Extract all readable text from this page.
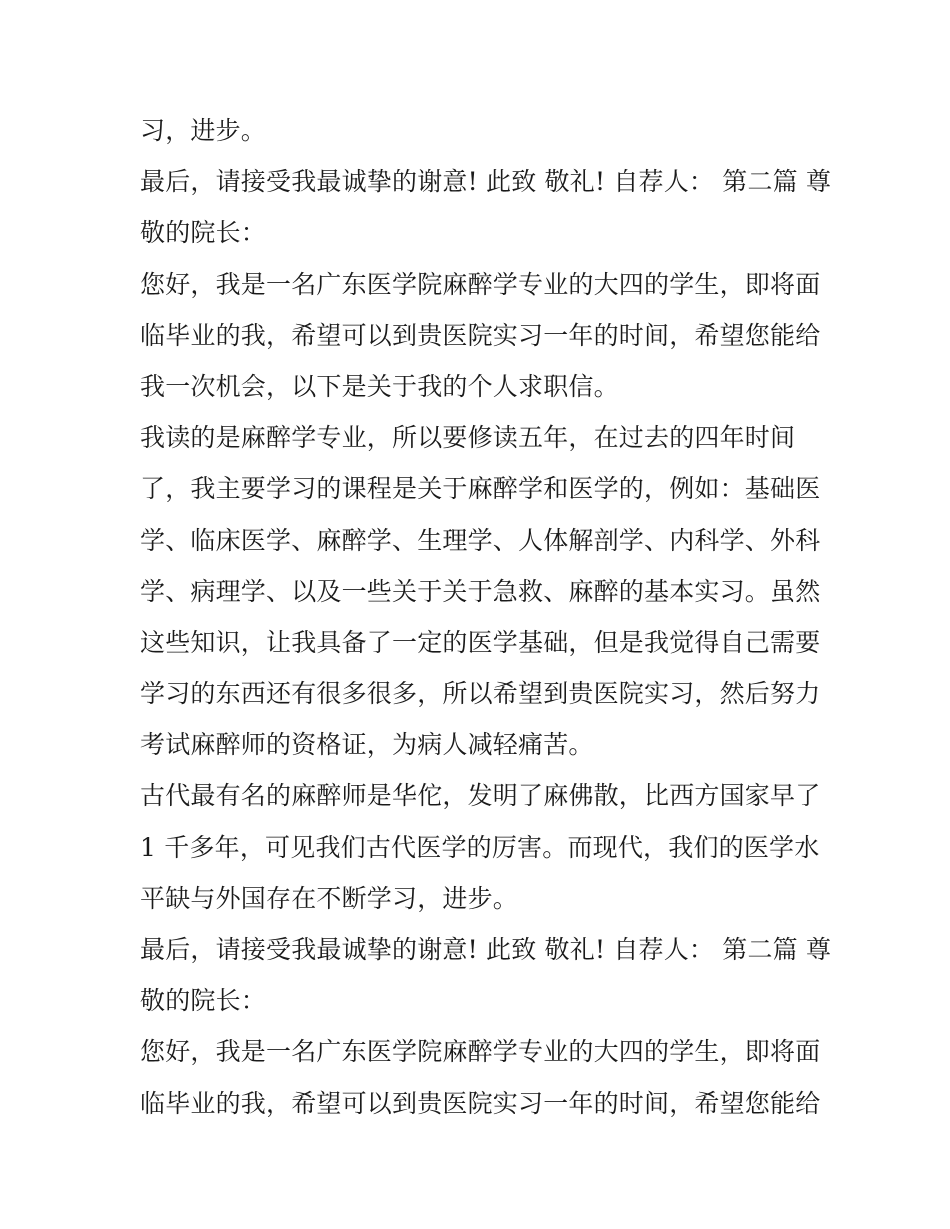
习，进步。
最后，请接受我最诚挚的谢意! 此致 敬礼! 自荐人： 第二篇 尊
敬的院长：
您好，我是一名广东医学院麻醉学专业的大四的学生，即将面
临毕业的我，希望可以到贵医院实习一年的时间，希望您能给
我一次机会，以下是关于我的个人求职信。
我读的是麻醉学专业，所以要修读五年，在过去的四年时间
了，我主要学习的课程是关于麻醉学和医学的，例如：基础医
学、临床医学、麻醉学、生理学、人体解剖学、内科学、外科
学、病理学、以及一些关于关于急救、麻醉的基本实习。虽然
这些知识，让我具备了一定的医学基础，但是我觉得自己需要
学习的东西还有很多很多，所以希望到贵医院实习，然后努力
考试麻醉师的资格证，为病人减轻痛苦。
古代最有名的麻醉师是华佗，发明了麻佛散，比西方国家早了
1 千多年，可见我们古代医学的厉害。而现代，我们的医学水
平缺与外国存在不断学习，进步。
最后，请接受我最诚挚的谢意! 此致 敬礼! 自荐人： 第二篇 尊
敬的院长：
您好，我是一名广东医学院麻醉学专业的大四的学生，即将面
临毕业的我，希望可以到贵医院实习一年的时间，希望您能给
